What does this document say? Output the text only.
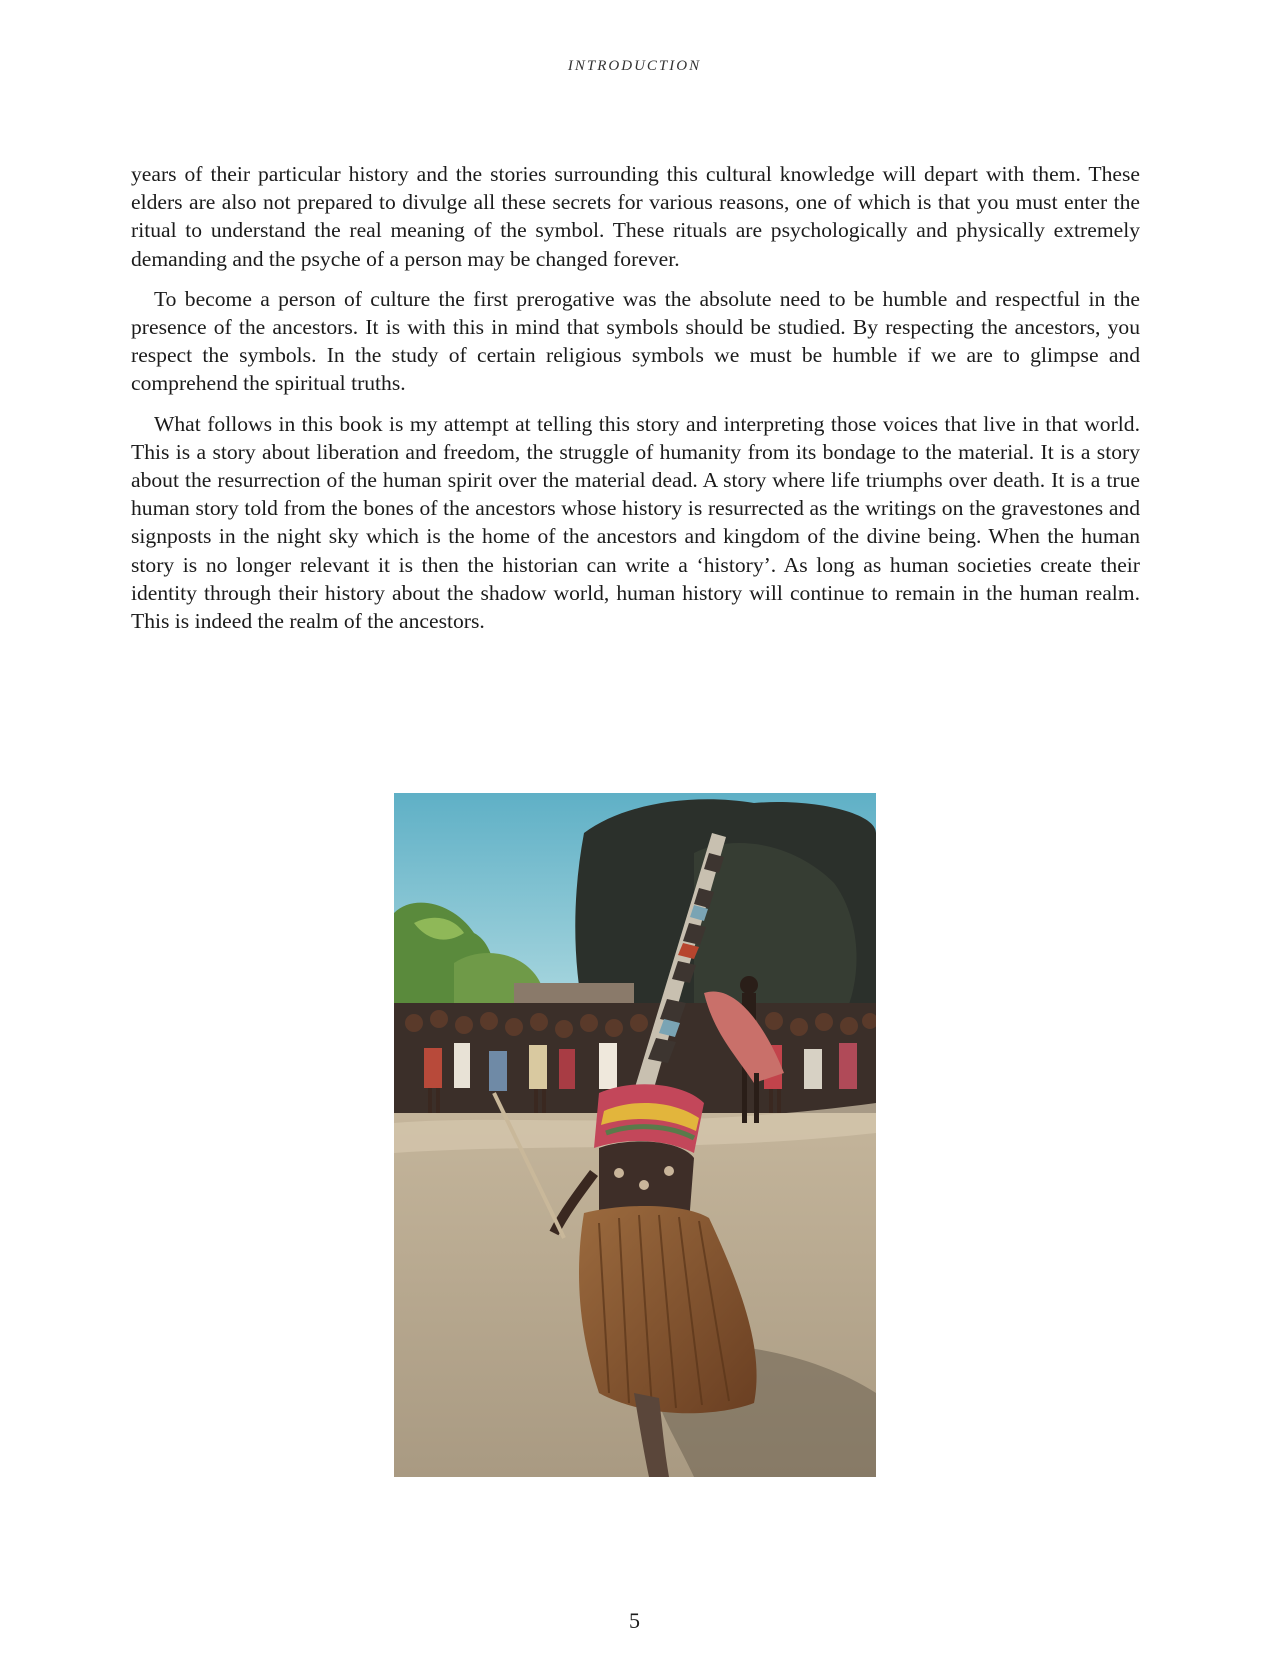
INTRODUCTION

years of their particular history and the stories surrounding this cultural knowledge will depart with them. These elders are also not prepared to divulge all these secrets for various reasons, one of which is that you must enter the ritual to understand the real meaning of the symbol. These rituals are psychologically and physically extremely demanding and the psyche of a person may be changed forever.

To become a person of culture the first prerogative was the absolute need to be humble and respectful in the presence of the ancestors. It is with this in mind that symbols should be studied. By respecting the ancestors, you respect the symbols. In the study of certain religious symbols we must be humble if we are to glimpse and comprehend the spiritual truths.

What follows in this book is my attempt at telling this story and interpreting those voices that live in that world. This is a story about liberation and freedom, the struggle of humanity from its bondage to the material. It is a story about the resurrection of the human spirit over the material dead. A story where life triumphs over death. It is a true human story told from the bones of the ancestors whose history is resurrected as the writings on the gravestones and signposts in the night sky which is the home of the ancestors and kingdom of the divine being. When the human story is no longer relevant it is then the historian can write a ‘history’. As long as human societies create their identity through their history about the shadow world, human history will continue to remain in the human realm. This is indeed the realm of the ancestors.

5
